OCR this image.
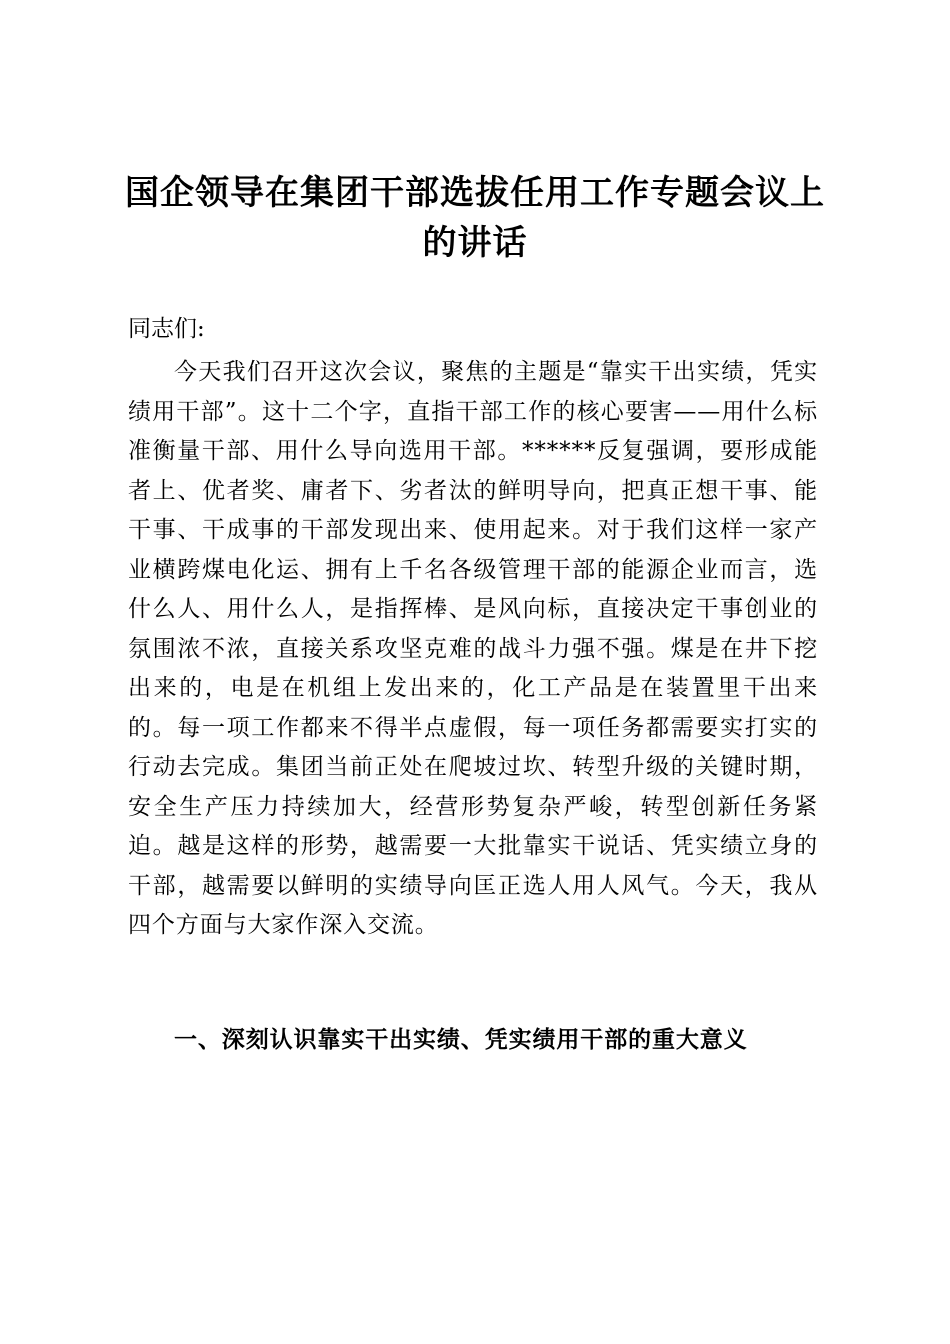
国企领导在集团干部选拔任用工作专题会议上的讲话

同志们:

今天我们召开这次会议，聚焦的主题是“靠实干出实绩，凭实绩用干部”。这十二个字，直指干部工作的核心要害——用什么标准衡量干部、用什么导向选用干部。******反复强调，要形成能者上、优者奖、庸者下、劣者汰的鲜明导向，把真正想干事、能干事、干成事的干部发现出来、使用起来。对于我们这样一家产业横跨煤电化运、拥有上千名各级管理干部的能源企业而言，选什么人、用什么人，是指挥棒、是风向标，直接决定干事创业的氛围浓不浓，直接关系攻坚克难的战斗力强不强。煤是在井下挖出来的，电是在机组上发出来的，化工产品是在装置里干出来的。每一项工作都来不得半点虚假，每一项任务都需要实打实的行动去完成。集团当前正处在爬坡过坎、转型升级的关键时期，安全生产压力持续加大，经营形势复杂严峻，转型创新任务紧迫。越是这样的形势，越需要一大批靠实干说话、凭实绩立身的干部，越需要以鲜明的实绩导向匡正选人用人风气。今天，我从四个方面与大家作深入交流。

一、深刻认识靠实干出实绩、凭实绩用干部的重大意义
